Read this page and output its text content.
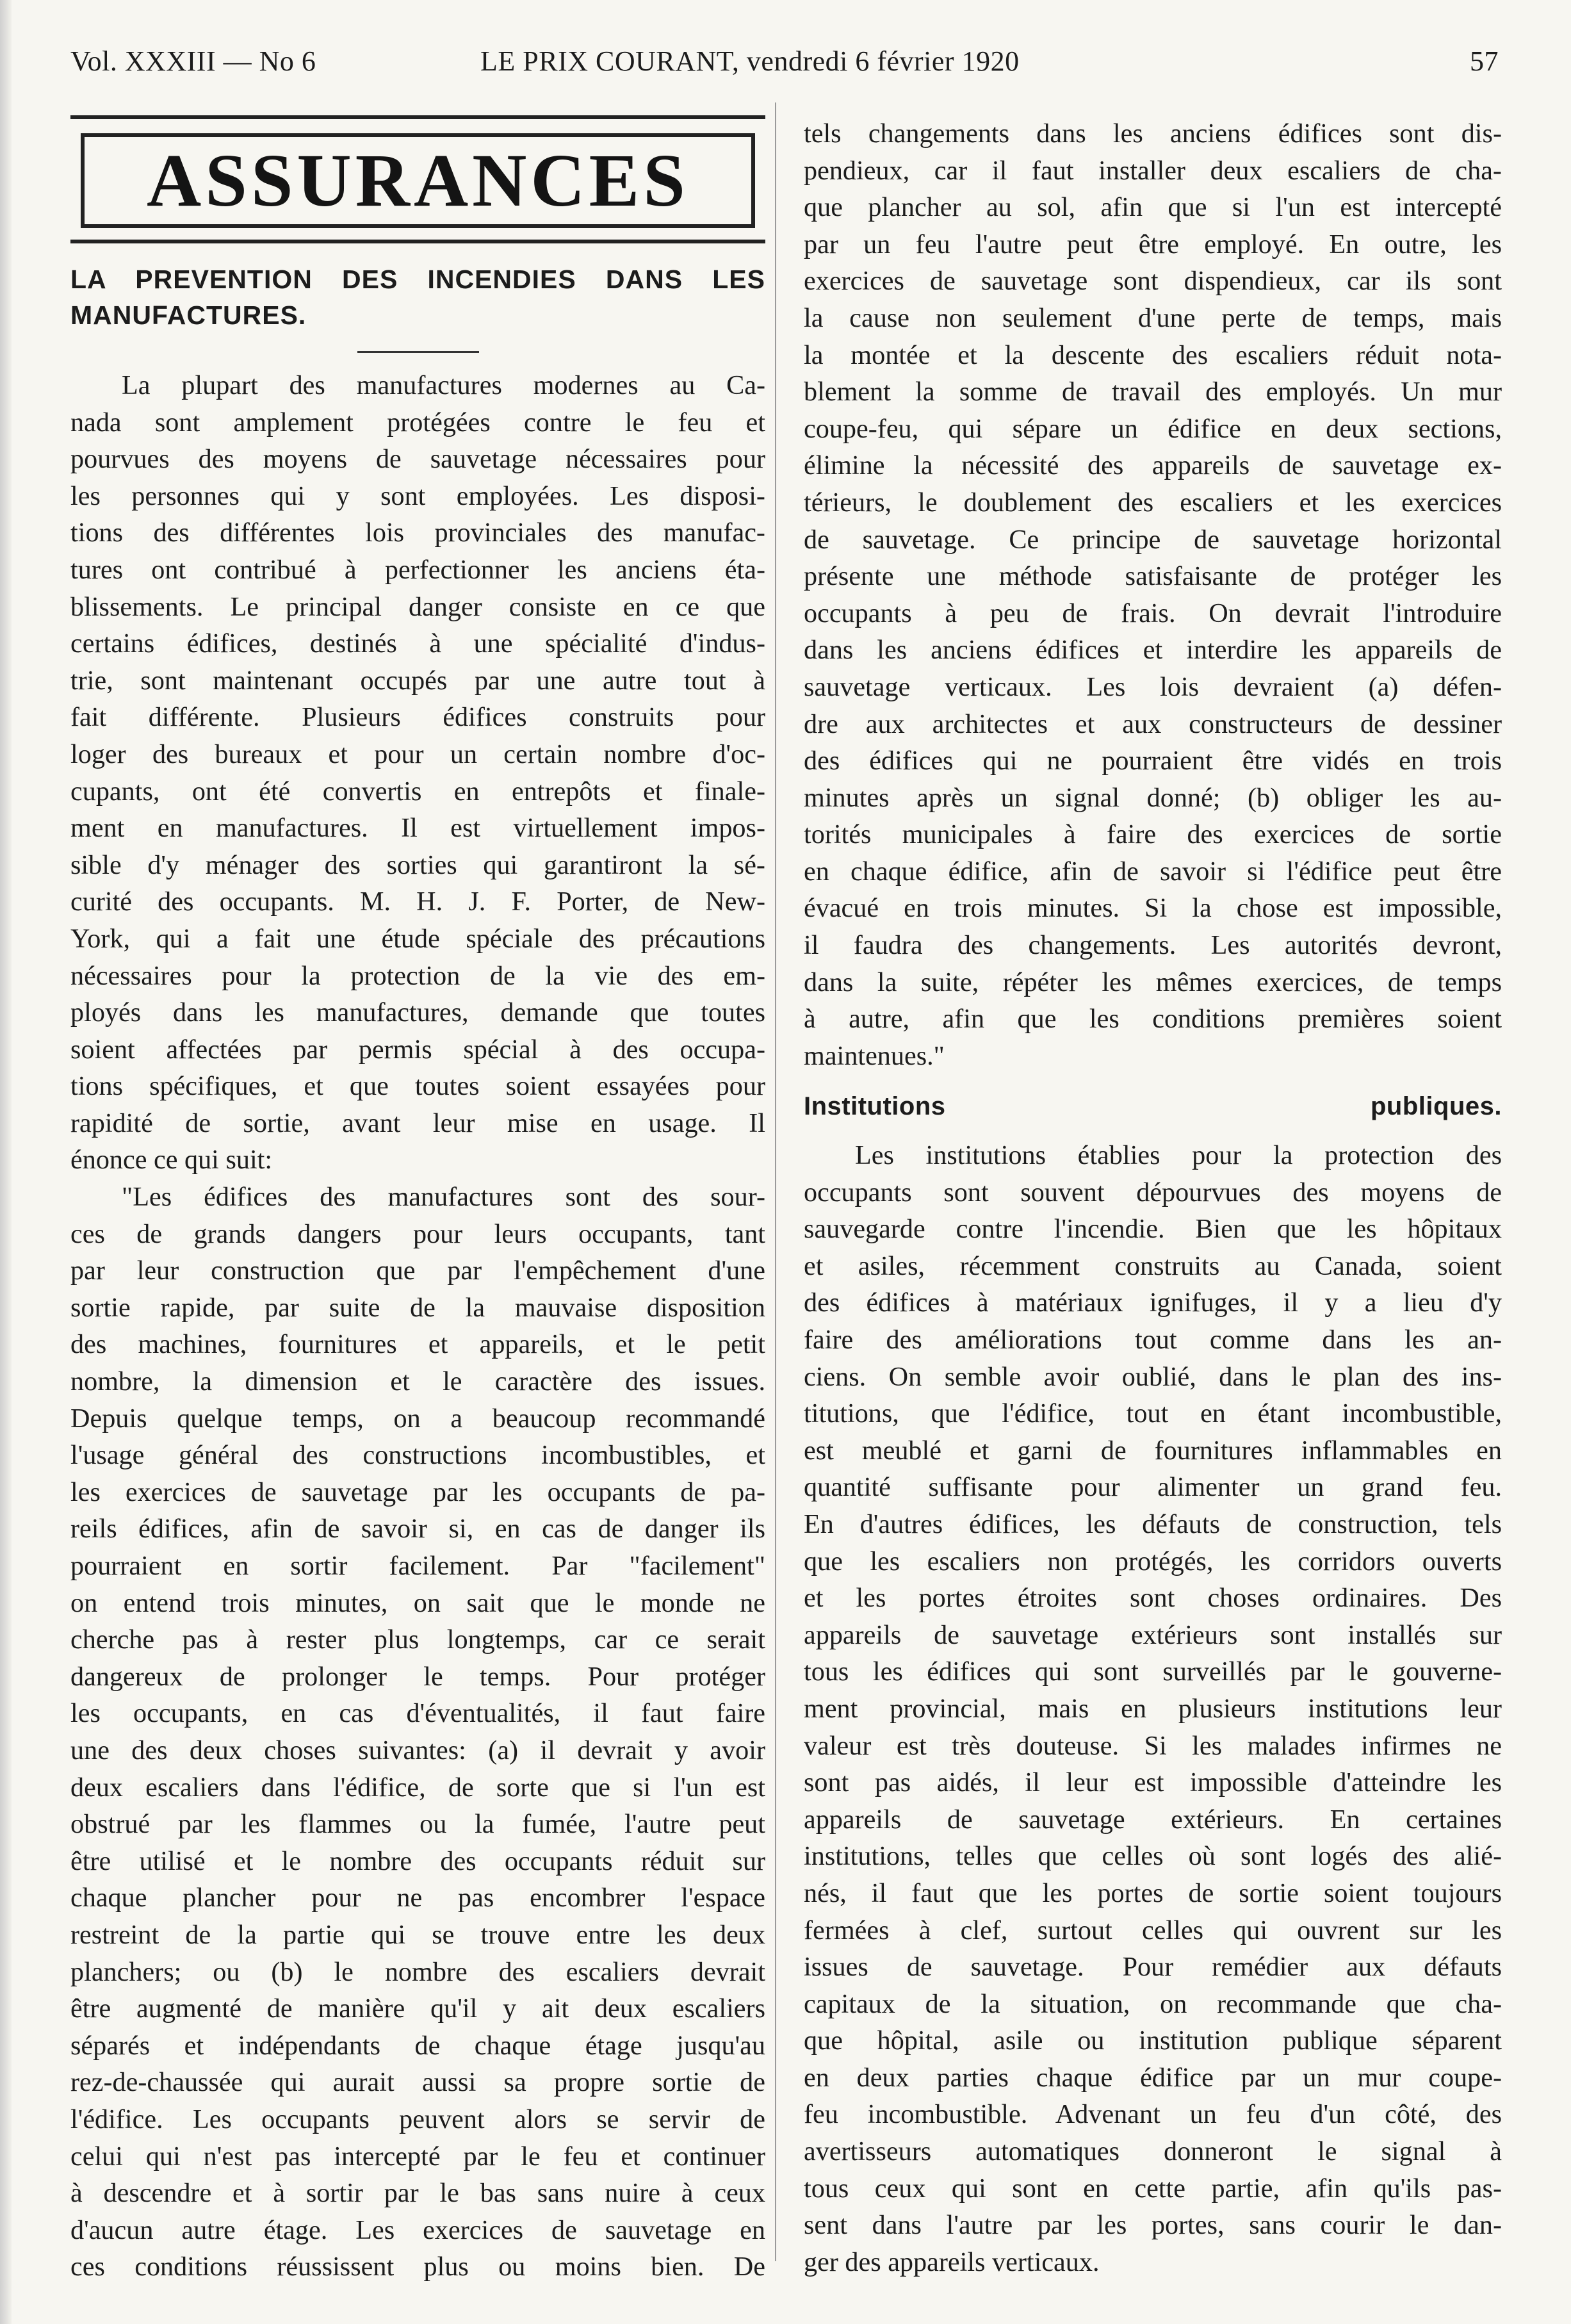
Vol. XXXIII — No 6	LE PRIX COURANT, vendredi 6 février 1920	57
ASSURANCES
LA PREVENTION DES INCENDIES DANS LES
MANUFACTURES.
La plupart des manufactures modernes au Ca-
nada sont amplement protégées contre le feu et
pourvues des moyens de sauvetage nécessaires pour
les personnes qui y sont employées. Les disposi-
tions des différentes lois provinciales des manufac-
tures ont contribué à perfectionner les anciens éta-
blissements. Le principal danger consiste en ce que
certains édifices, destinés à une spécialité d'indus-
trie, sont maintenant occupés par une autre tout à
fait différente. Plusieurs édifices construits pour
loger des bureaux et pour un certain nombre d'oc-
cupants, ont été convertis en entrepôts et finale-
ment en manufactures. Il est virtuellement impos-
sible d'y ménager des sorties qui garantiront la sé-
curité des occupants. M. H. J. F. Porter, de New-
York, qui a fait une étude spéciale des précautions
nécessaires pour la protection de la vie des em-
ployés dans les manufactures, demande que toutes
soient affectées par permis spécial à des occupa-
tions spécifiques, et que toutes soient essayées pour
rapidité de sortie, avant leur mise en usage. Il
énonce ce qui suit:
"Les édifices des manufactures sont des sour-
ces de grands dangers pour leurs occupants, tant
par leur construction que par l'empêchement d'une
sortie rapide, par suite de la mauvaise disposition
des machines, fournitures et appareils, et le petit
nombre, la dimension et le caractère des issues.
Depuis quelque temps, on a beaucoup recommandé
l'usage général des constructions incombustibles, et
les exercices de sauvetage par les occupants de pa-
reils édifices, afin de savoir si, en cas de danger ils
pourraient en sortir facilement. Par "facilement"
on entend trois minutes, on sait que le monde ne
cherche pas à rester plus longtemps, car ce serait
dangereux de prolonger le temps. Pour protéger
les occupants, en cas d'éventualités, il faut faire
une des deux choses suivantes: (a) il devrait y avoir
deux escaliers dans l'édifice, de sorte que si l'un est
obstrué par les flammes ou la fumée, l'autre peut
être utilisé et le nombre des occupants réduit sur
chaque plancher pour ne pas encombrer l'espace
restreint de la partie qui se trouve entre les deux
planchers; ou (b) le nombre des escaliers devrait
être augmenté de manière qu'il y ait deux escaliers
séparés et indépendants de chaque étage jusqu'au
rez-de-chaussée qui aurait aussi sa propre sortie de
l'édifice. Les occupants peuvent alors se servir de
celui qui n'est pas intercepté par le feu et continuer
à descendre et à sortir par le bas sans nuire à ceux
d'aucun autre étage. Les exercices de sauvetage en
ces conditions réussissent plus ou moins bien. De
tels changements dans les anciens édifices sont dis-
pendieux, car il faut installer deux escaliers de cha-
que plancher au sol, afin que si l'un est intercepté
par un feu l'autre peut être employé. En outre, les
exercices de sauvetage sont dispendieux, car ils sont
la cause non seulement d'une perte de temps, mais
la montée et la descente des escaliers réduit nota-
blement la somme de travail des employés. Un mur
coupe-feu, qui sépare un édifice en deux sections,
élimine la nécessité des appareils de sauvetage ex-
térieurs, le doublement des escaliers et les exercices
de sauvetage. Ce principe de sauvetage horizontal
présente une méthode satisfaisante de protéger les
occupants à peu de frais. On devrait l'introduire
dans les anciens édifices et interdire les appareils de
sauvetage verticaux. Les lois devraient (a) défen-
dre aux architectes et aux constructeurs de dessiner
des édifices qui ne pourraient être vidés en trois
minutes après un signal donné; (b) obliger les au-
torités municipales à faire des exercices de sortie
en chaque édifice, afin de savoir si l'édifice peut être
évacué en trois minutes. Si la chose est impossible,
il faudra des changements. Les autorités devront,
dans la suite, répéter les mêmes exercices, de temps
à autre, afin que les conditions premières soient
maintenues."
Institutions publiques.
Les institutions établies pour la protection des
occupants sont souvent dépourvues des moyens de
sauvegarde contre l'incendie. Bien que les hôpitaux
et asiles, récemment construits au Canada, soient
des édifices à matériaux ignifuges, il y a lieu d'y
faire des améliorations tout comme dans les an-
ciens. On semble avoir oublié, dans le plan des ins-
titutions, que l'édifice, tout en étant incombustible,
est meublé et garni de fournitures inflammables en
quantité suffisante pour alimenter un grand feu.
En d'autres édifices, les défauts de construction, tels
que les escaliers non protégés, les corridors ouverts
et les portes étroites sont choses ordinaires. Des
appareils de sauvetage extérieurs sont installés sur
tous les édifices qui sont surveillés par le gouverne-
ment provincial, mais en plusieurs institutions leur
valeur est très douteuse. Si les malades infirmes ne
sont pas aidés, il leur est impossible d'atteindre les
appareils de sauvetage extérieurs. En certaines
institutions, telles que celles où sont logés des alié-
nés, il faut que les portes de sortie soient toujours
fermées à clef, surtout celles qui ouvrent sur les
issues de sauvetage. Pour remédier aux défauts
capitaux de la situation, on recommande que cha-
que hôpital, asile ou institution publique séparent
en deux parties chaque édifice par un mur coupe-
feu incombustible. Advenant un feu d'un côté, des
avertisseurs automatiques donneront le signal à
tous ceux qui sont en cette partie, afin qu'ils pas-
sent dans l'autre par les portes, sans courir le dan-
ger des appareils verticaux.
